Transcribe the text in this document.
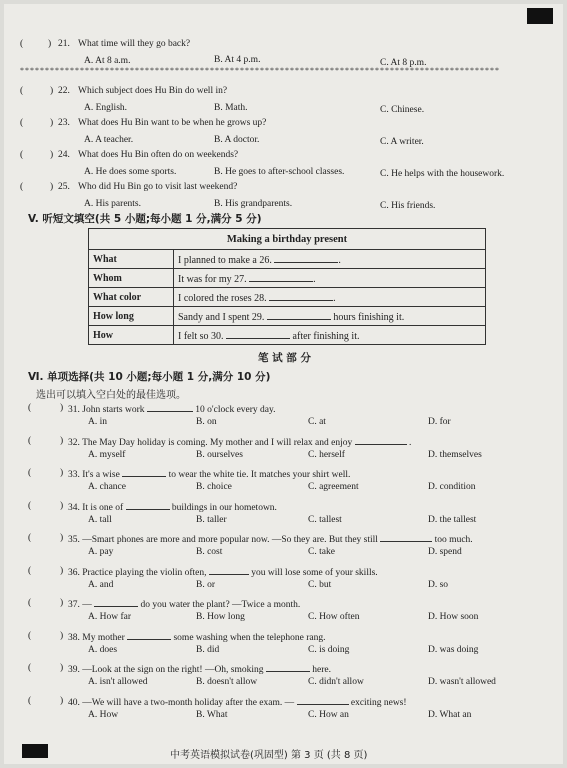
(	) 21. What time will they go back?
A. At 8 a.m.	B. At 4 p.m.	C. At 8 p.m.
************************************************************************************************
(	) 22. Which subject does Hu Bin do well in?
A. English.	B. Math.	C. Chinese.
(	) 23. What does Hu Bin want to be when he grows up?
A. A teacher.	B. A doctor.	C. A writer.
(	) 24. What does Hu Bin often do on weekends?
A. He does some sports.	B. He goes to after-school classes.	C. He helps with the housework.
(	) 25. Who did Hu Bin go to visit last weekend?
A. His parents.	B. His grandparents.	C. His friends.
V. 听短文填空(共 5 小题;每小题 1 分,满分 5 分)
Making a birthday present	
What	I planned to make a 26. .
Whom	It was for my 27. .
What color	I colored the roses 28. .
How long	Sandy and I spent 29. hours finishing it.
How	I felt so 30. after finishing it.
笔 试 部 分
Ⅵ. 单项选择(共 10 小题;每小题 1 分,满分 10 分)
选出可以填入空白处的最佳选项。
(	) 31. John starts work	10 o'clock every day.
A. in	B. on	C. at	D. for
(	) 32. The May Day holiday is coming. My mother and I will relax and enjoy	.
A. myself	B. ourselves	C. herself	D. themselves
(	) 33. It's a wise	to wear the white tie. It matches your shirt well.
A. chance	B. choice	C. agreement	D. condition
(	) 34. It is one of	buildings in our hometown.
A. tall	B. taller	C. tallest	D. the tallest
(	) 35. —Smart phones are more and more popular now. —So they are. But they still	too much.
A. pay	B. cost	C. take	D. spend
(	) 36. Practice playing the violin often,	you will lose some of your skills.
A. and	B. or	C. but	D. so
(	) 37. —	do you water the plant? —Twice a month.
A. How far	B. How long	C. How often	D. How soon
(	) 38. My mother	some washing when the telephone rang.
A. does	B. did	C. is doing	D. was doing
(	) 39. —Look at the sign on the right! —Oh, smoking	here.
A. isn't allowed	B. doesn't allow	C. didn't allow	D. wasn't allowed
(	) 40. —We will have a two-month holiday after the exam. —	exciting news!
A. How	B. What	C. How an	D. What an
中考英语模拟试卷(巩固型) 第 3 页 (共 8 页)
